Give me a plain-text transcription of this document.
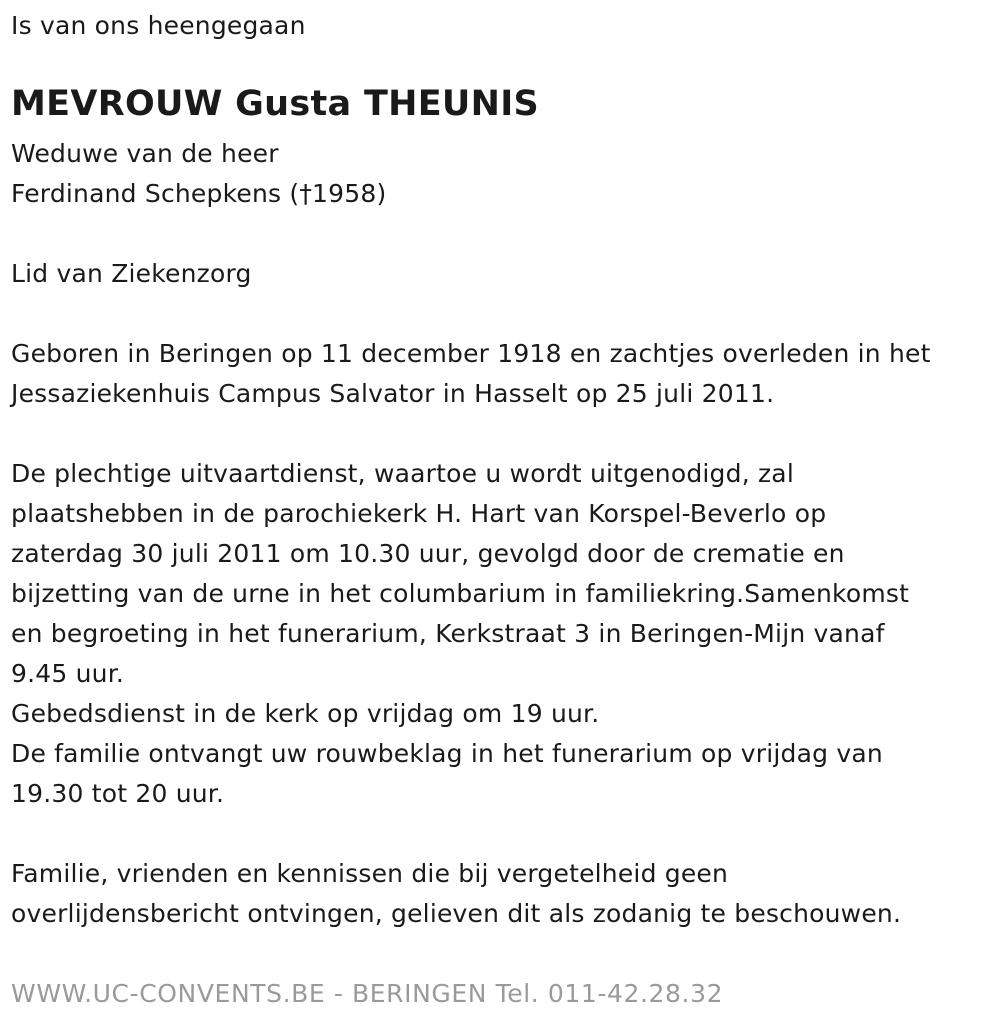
Is van ons heengegaan
MEVROUW Gusta THEUNIS
Weduwe van de heer
Ferdinand Schepkens (†1958)
Lid van Ziekenzorg
Geboren in Beringen op 11 december 1918 en zachtjes overleden in het
Jessaziekenhuis Campus Salvator in Hasselt op 25 juli 2011.
De plechtige uitvaartdienst, waartoe u wordt uitgenodigd, zal
plaatshebben in de parochiekerk H. Hart van Korspel-Beverlo op
zaterdag 30 juli 2011 om 10.30 uur, gevolgd door de crematie en
bijzetting van de urne in het columbarium in familiekring.Samenkomst
en begroeting in het funerarium, Kerkstraat 3 in Beringen-Mijn vanaf
9.45 uur.
Gebedsdienst in de kerk op vrijdag om 19 uur.
De familie ontvangt uw rouwbeklag in het funerarium op vrijdag van
19.30 tot 20 uur.
Familie, vrienden en kennissen die bij vergetelheid geen
overlijdensbericht ontvingen, gelieven dit als zodanig te beschouwen.
WWW.UC-CONVENTS.BE - BERINGEN Tel. 011-42.28.32
